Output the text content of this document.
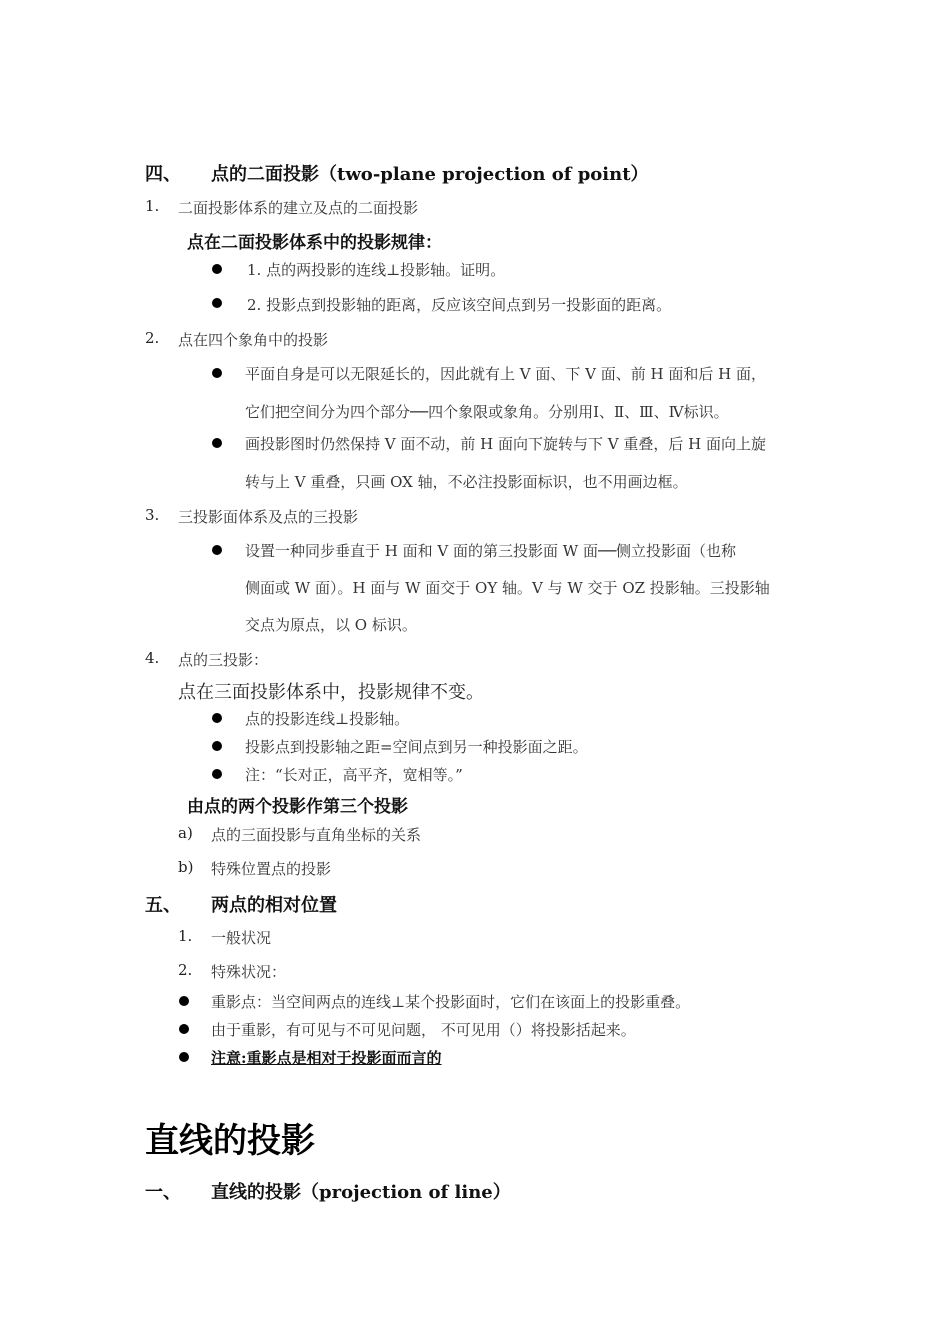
四、 点的二面投影（two-plane projection of point）
1. 二面投影体系的建立及点的二面投影
点在二面投影体系中的投影规律：
1. 点的两投影的连线⊥投影轴。证明。
2. 投影点到投影轴的距离，反应该空间点到另一投影面的距离。
2. 点在四个象角中的投影
平面自身是可以无限延长的，因此就有上 V 面、下 V 面、前 H 面和后 H 面，
它们把空间分为四个部分──四个象限或象角。分别用Ⅰ、Ⅱ、Ⅲ、Ⅳ标识。
画投影图时仍然保持 V 面不动，前 H 面向下旋转与下 V 重叠，后 H 面向上旋
转与上 V 重叠，只画 OX 轴，不必注投影面标识，也不用画边框。
3. 三投影面体系及点的三投影
设置一种同步垂直于 H 面和 V 面的第三投影面 W 面──侧立投影面（也称
侧面或 W 面）。H 面与 W 面交于 OY 轴。V 与 W 交于 OZ 投影轴。三投影轴
交点为原点，以 O 标识。
4. 点的三投影：
点在三面投影体系中，投影规律不变。
点的投影连线⊥投影轴。
投影点到投影轴之距=空间点到另一种投影面之距。
注：“长对正，高平齐，宽相等。”
由点的两个投影作第三个投影
a) 点的三面投影与直角坐标的关系
b) 特殊位置点的投影
五、 两点的相对位置
1. 一般状况
2. 特殊状况：
重影点：当空间两点的连线⊥某个投影面时，它们在该面上的投影重叠。
由于重影，有可见与不可见问题， 不可见用（）将投影括起来。
注意:重影点是相对于投影面而言的
直线的投影
一、 直线的投影（projection of line）
